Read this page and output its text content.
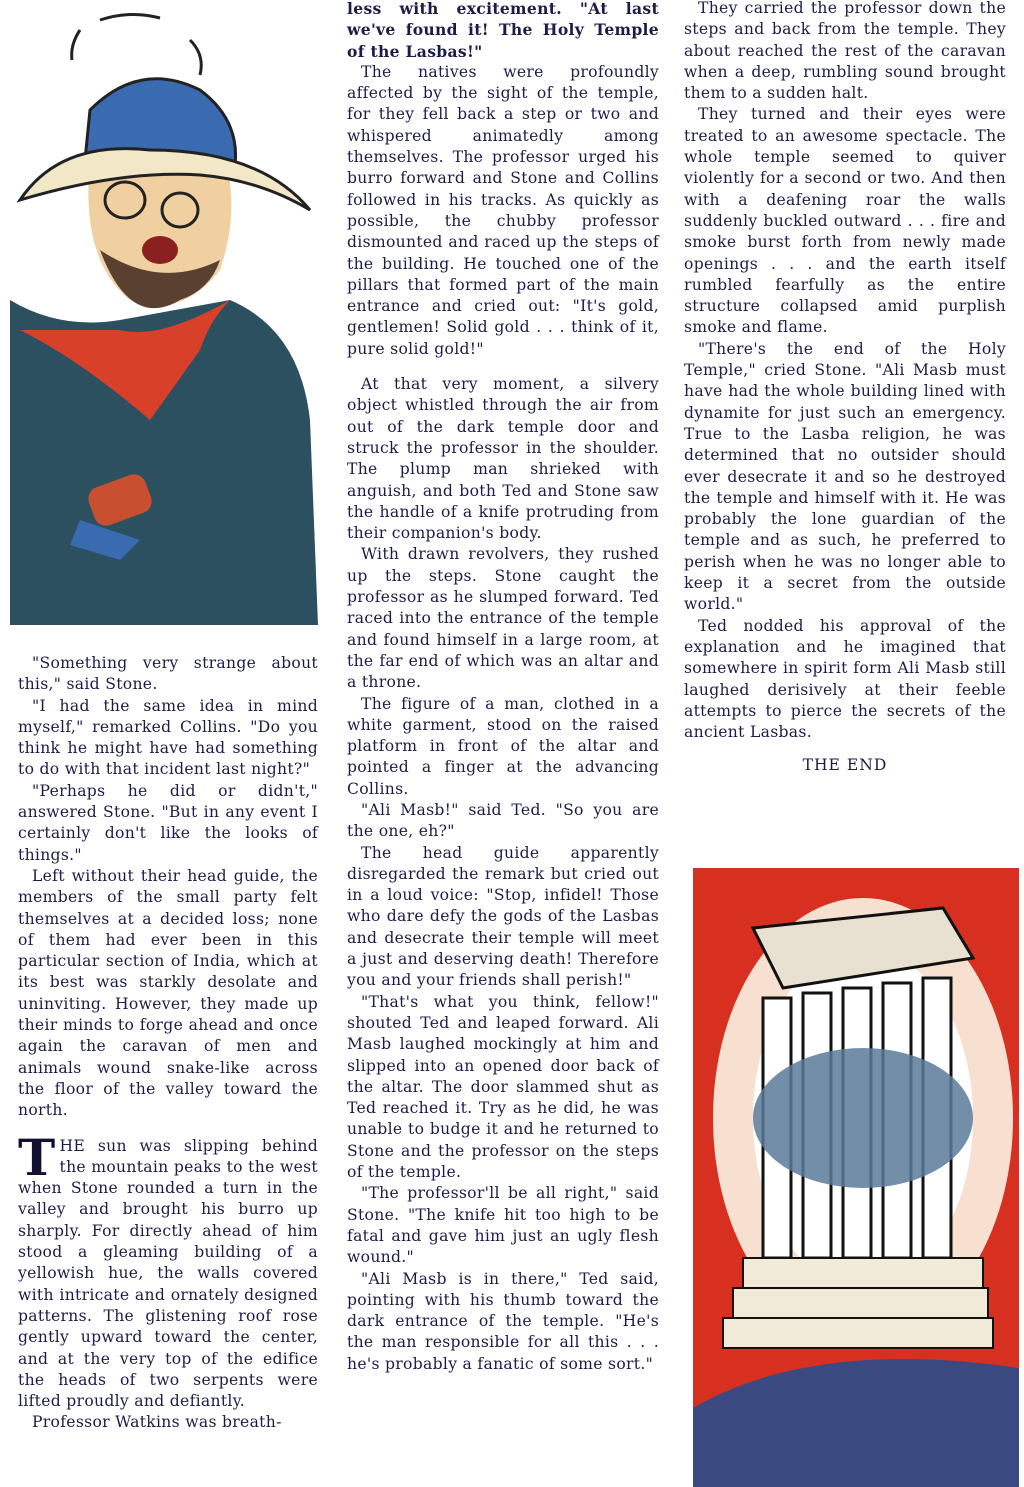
"Something very strange about this," said Stone.

"I had the same idea in mind myself," remarked Collins. "Do you think he might have had something to do with that incident last night?"

"Perhaps he did or didn't," answered Stone. "But in any event I certainly don't like the looks of things."

Left without their head guide, the members of the small party felt themselves at a decided loss; none of them had ever been in this particular section of India, which at its best was starkly desolate and uninviting. However, they made up their minds to forge ahead and once again the caravan of men and animals wound snake-like across the floor of the valley toward the north.

THE sun was slipping behind the mountain peaks to the west when Stone rounded a turn in the valley and brought his burro up sharply. For directly ahead of him stood a gleaming building of a yellowish hue, the walls covered with intricate and ornately designed patterns. The glistening roof rose gently upward toward the center, and at the very top of the edifice the heads of two serpents were lifted proudly and defiantly.

Professor Watkins was breath-

less with excitement. "At last we've found it! The Holy Temple of the Lasbas!"

The natives were profoundly affected by the sight of the temple, for they fell back a step or two and whispered animatedly among themselves. The professor urged his burro forward and Stone and Collins followed in his tracks. As quickly as possible, the chubby professor dismounted and raced up the steps of the building. He touched one of the pillars that formed part of the main entrance and cried out: "It's gold, gentlemen! Solid gold . . . think of it, pure solid gold!"

At that very moment, a silvery object whistled through the air from out of the dark temple door and struck the professor in the shoulder. The plump man shrieked with anguish, and both Ted and Stone saw the handle of a knife protruding from their companion's body.

With drawn revolvers, they rushed up the steps. Stone caught the professor as he slumped forward. Ted raced into the entrance of the temple and found himself in a large room, at the far end of which was an altar and a throne.

The figure of a man, clothed in a white garment, stood on the raised platform in front of the altar and pointed a finger at the advancing Collins.

"Ali Masb!" said Ted. "So you are the one, eh?"

The head guide apparently disregarded the remark but cried out in a loud voice: "Stop, infidel! Those who dare defy the gods of the Lasbas and desecrate their temple will meet a just and deserving death! Therefore you and your friends shall perish!"

"That's what you think, fellow!" shouted Ted and leaped forward. Ali Masb laughed mockingly at him and slipped into an opened door back of the altar. The door slammed shut as Ted reached it. Try as he did, he was unable to budge it and he returned to Stone and the professor on the steps of the temple.

"The professor'll be all right," said Stone. "The knife hit too high to be fatal and gave him just an ugly flesh wound."

"Ali Masb is in there," Ted said, pointing with his thumb toward the dark entrance of the temple. "He's the man responsible for all this . . . he's probably a fanatic of some sort."

They carried the professor down the steps and back from the temple. They about reached the rest of the caravan when a deep, rumbling sound brought them to a sudden halt.

They turned and their eyes were treated to an awesome spectacle. The whole temple seemed to quiver violently for a second or two. And then with a deafening roar the walls suddenly buckled outward . . . fire and smoke burst forth from newly made openings . . . and the earth itself rumbled fearfully as the entire structure collapsed amid purplish smoke and flame.

"There's the end of the Holy Temple," cried Stone. "Ali Masb must have had the whole building lined with dynamite for just such an emergency. True to the Lasba religion, he was determined that no outsider should ever desecrate it and so he destroyed the temple and himself with it. He was probably the lone guardian of the temple and as such, he preferred to perish when he was no longer able to keep it a secret from the outside world."

Ted nodded his approval of the explanation and he imagined that somewhere in spirit form Ali Masb still laughed derisively at their feeble attempts to pierce the secrets of the ancient Lasbas.

THE END
